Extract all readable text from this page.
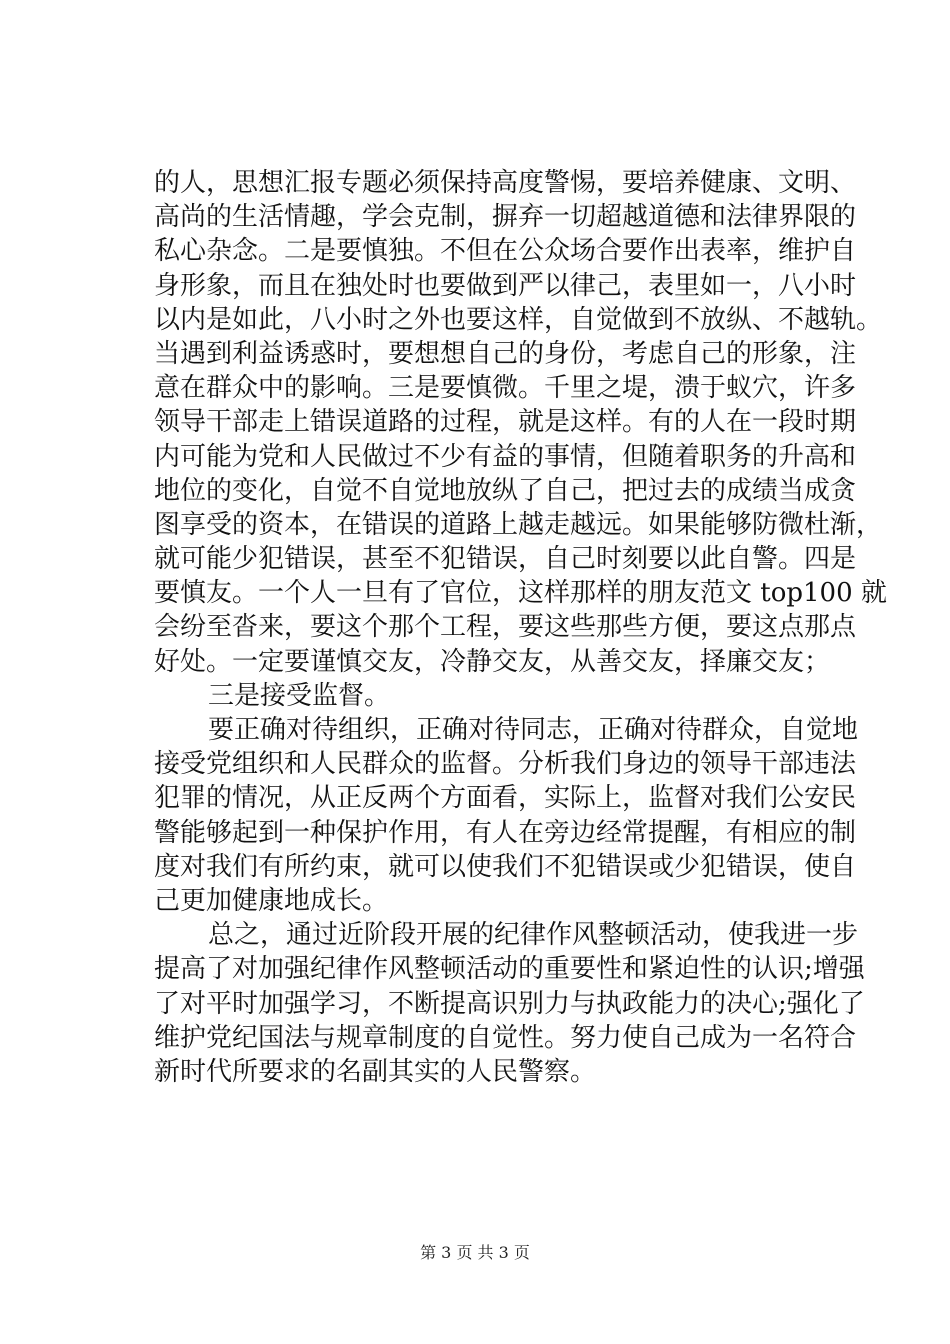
的人，思想汇报专题必须保持高度警惕，要培养健康、文明、
高尚的生活情趣，学会克制，摒弃一切超越道德和法律界限的
私心杂念。二是要慎独。不但在公众场合要作出表率，维护自
身形象，而且在独处时也要做到严以律己，表里如一，八小时
以内是如此，八小时之外也要这样，自觉做到不放纵、不越轨。
当遇到利益诱惑时，要想想自己的身份，考虑自己的形象，注
意在群众中的影响。三是要慎微。千里之堤，溃于蚁穴，许多
领导干部走上错误道路的过程，就是这样。有的人在一段时期
内可能为党和人民做过不少有益的事情，但随着职务的升高和
地位的变化，自觉不自觉地放纵了自己，把过去的成绩当成贪
图享受的资本，在错误的道路上越走越远。如果能够防微杜渐，
就可能少犯错误，甚至不犯错误，自己时刻要以此自警。四是
要慎友。一个人一旦有了官位，这样那样的朋友范文 top100 就
会纷至沓来，要这个那个工程，要这些那些方便，要这点那点
好处。一定要谨慎交友，冷静交友，从善交友，择廉交友；
三是接受监督。
要正确对待组织，正确对待同志，正确对待群众，自觉地
接受党组织和人民群众的监督。分析我们身边的领导干部违法
犯罪的情况，从正反两个方面看，实际上，监督对我们公安民
警能够起到一种保护作用，有人在旁边经常提醒，有相应的制
度对我们有所约束，就可以使我们不犯错误或少犯错误，使自
己更加健康地成长。
总之，通过近阶段开展的纪律作风整顿活动，使我进一步
提高了对加强纪律作风整顿活动的重要性和紧迫性的认识;增强
了对平时加强学习，不断提高识别力与执政能力的决心;强化了
维护党纪国法与规章制度的自觉性。努力使自己成为一名符合
新时代所要求的名副其实的人民警察。
第 3 页 共 3 页
